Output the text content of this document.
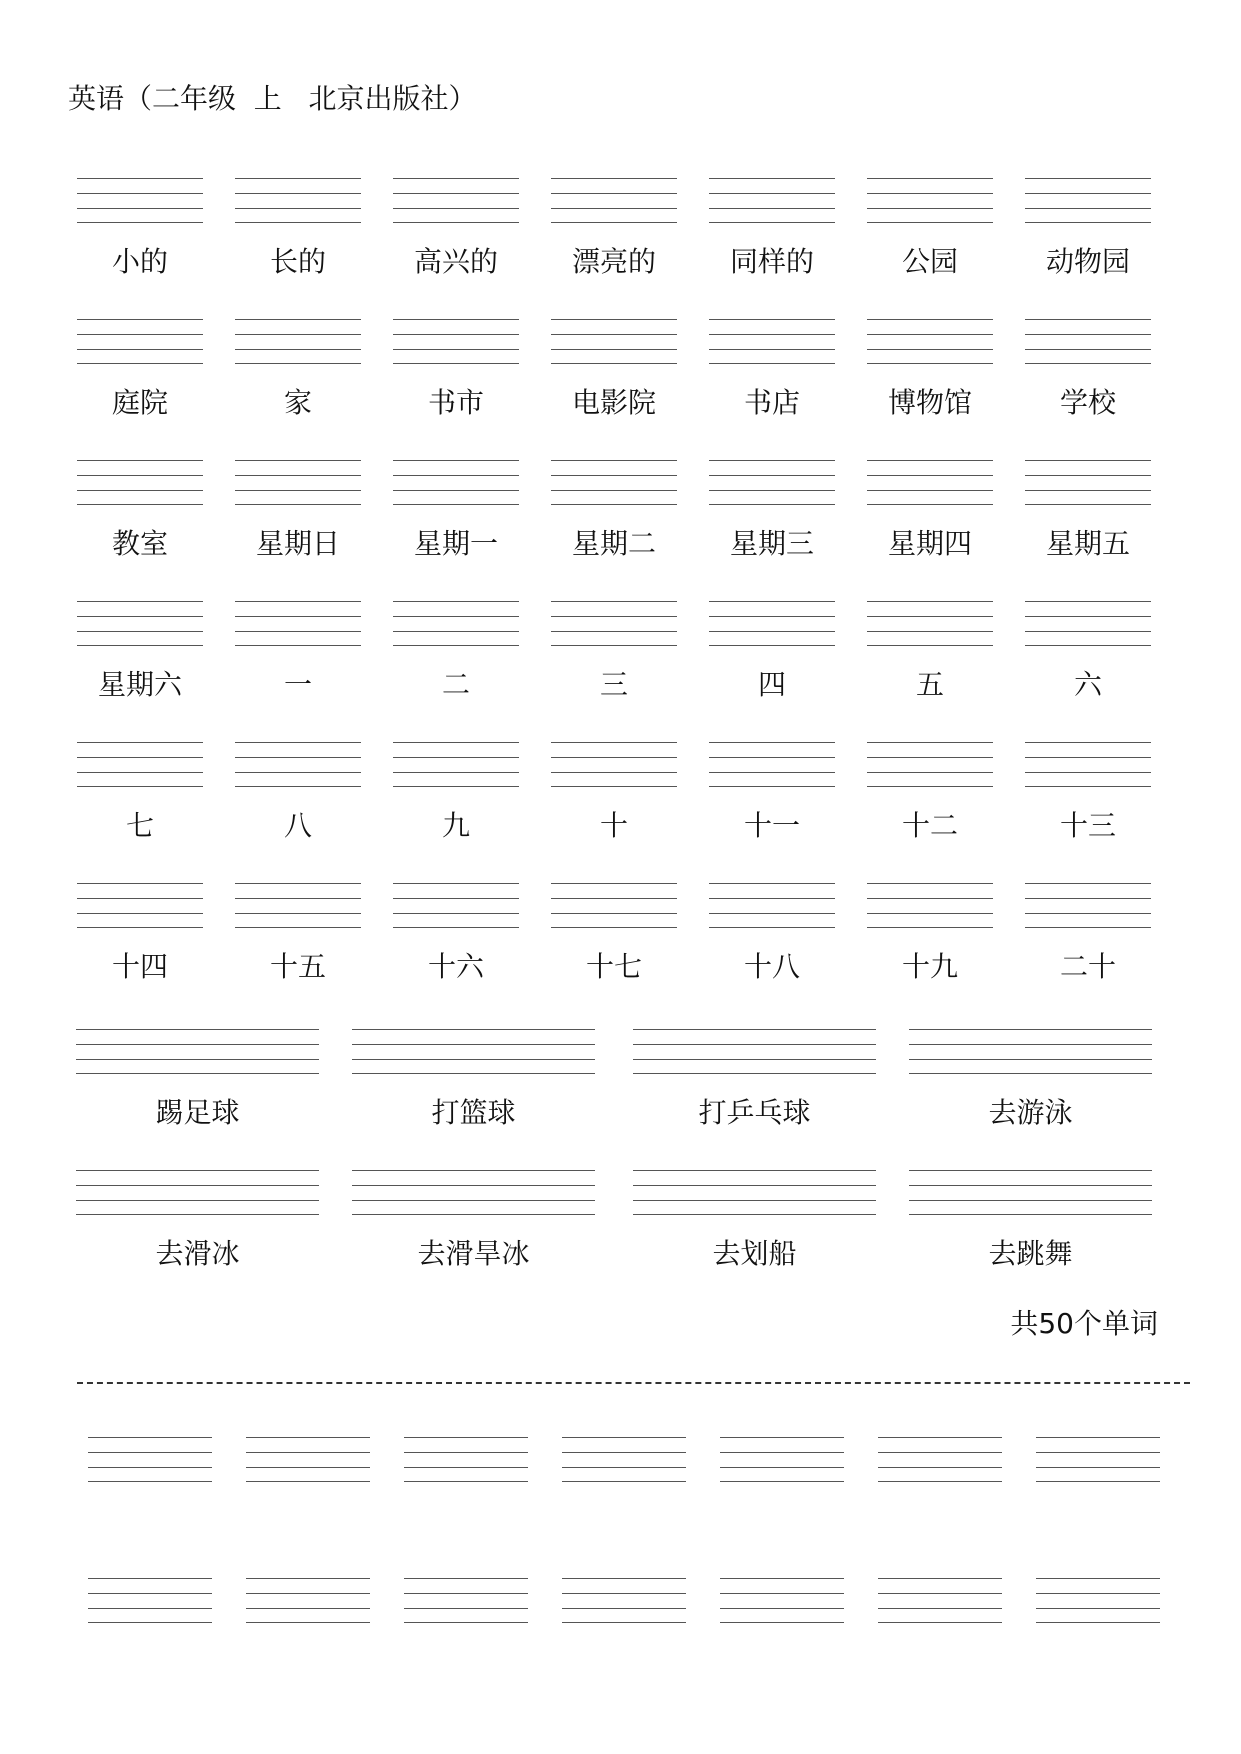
英语（二年级  上   北京出版社）
小的	长的	高兴的	漂亮的	同样的	公园	动物园
庭院	家	书市	电影院	书店	博物馆	学校
教室	星期日	星期一	星期二	星期三	星期四	星期五
星期六	一	二	三	四	五	六
七	八	九	十	十一	十二	十三
十四	十五	十六	十七	十八	十九	二十
踢足球	打篮球	打乒乓球	去游泳
去滑冰	去滑旱冰	去划船	去跳舞
共50个单词
